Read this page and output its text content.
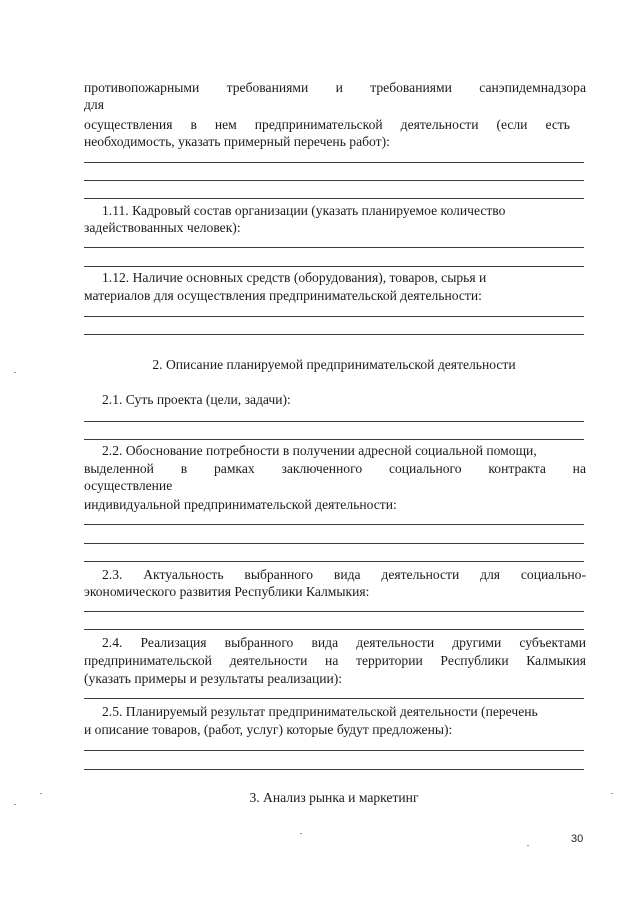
противопожарными требованиями и требованиями санэпидемнадзора

для

осуществления в нем предпринимательской деятельности (если есть

необходимость, указать примерный перечень работ):

1.11. Кадровый состав организации (указать планируемое количество

задействованных человек):

1.12. Наличие основных средств (оборудования), товаров, сырья и

материалов для осуществления предпринимательской деятельности:

2. Описание планируемой предпринимательской деятельности

2.1. Суть проекта (цели, задачи):

2.2. Обоснование потребности в получении адресной социальной помощи,

выделенной в рамках заключенного социального контракта на

осуществление

индивидуальной предпринимательской деятельности:

2.3. Актуальность выбранного вида деятельности для социально-

экономического развития Республики Калмыкия:

2.4. Реализация выбранного вида деятельности другими субъектами

предпринимательской деятельности на территории Республики Калмыкия

(указать примеры и результаты реализации):

2.5. Планируемый результат предпринимательской деятельности (перечень

и описание товаров, (работ, услуг) которые будут предложены):

3. Анализ рынка и маркетинг

30
